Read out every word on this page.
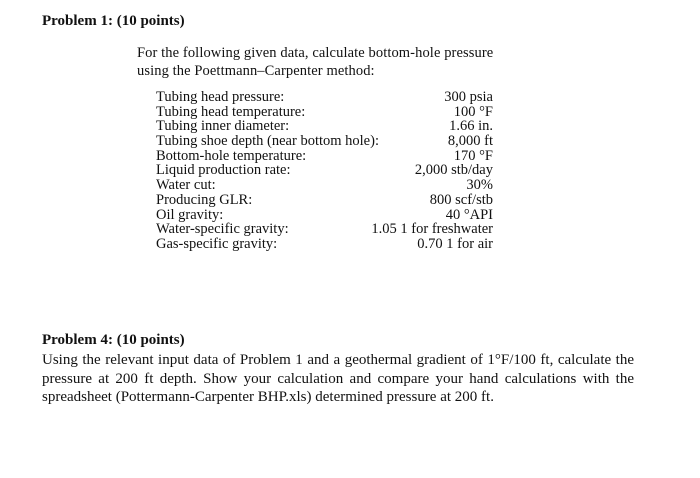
Problem 1: (10 points)
For the following given data, calculate bottom-hole pressure using the Poettmann–Carpenter method:
Tubing head pressure:	300 psia
Tubing head temperature:	100 °F
Tubing inner diameter:	1.66 in.
Tubing shoe depth (near bottom hole):	8,000 ft
Bottom-hole temperature:	170 °F
Liquid production rate:	2,000 stb/day
Water cut:	30%
Producing GLR:	800 scf/stb
Oil gravity:	40 °API
Water-specific gravity:	1.05 1 for freshwater
Gas-specific gravity:	0.70 1 for air
Problem 4: (10 points)
Using the relevant input data of Problem 1 and a geothermal gradient of 1°F/100 ft, calculate the pressure at 200 ft depth. Show your calculation and compare your hand calculations with the spreadsheet (Pottermann-Carpenter BHP.xls) determined pressure at 200 ft.
